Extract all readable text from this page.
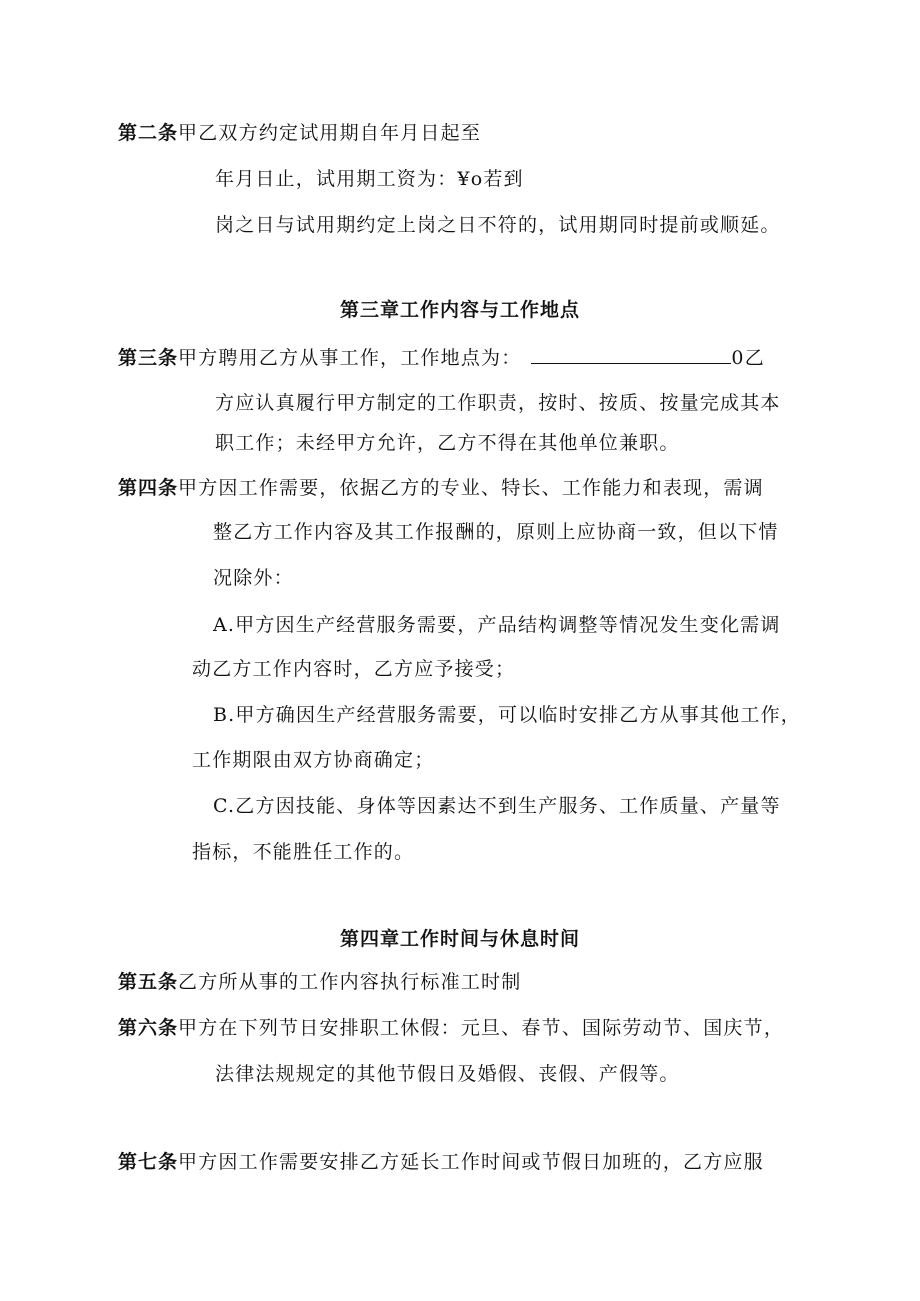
第二条甲乙双方约定试用期自年月日起至
年月日止，试用期工资为：¥o若到
岗之日与试用期约定上岗之日不符的，试用期同时提前或顺延。
第三章工作内容与工作地点
第三条甲方聘用乙方从事工作，工作地点为：	0乙
方应认真履行甲方制定的工作职责，按时、按质、按量完成其本
职工作；未经甲方允许，乙方不得在其他单位兼职。
第四条甲方因工作需要，依据乙方的专业、特长、工作能力和表现，需调
整乙方工作内容及其工作报酬的，原则上应协商一致，但以下情
况除外：
A.甲方因生产经营服务需要，产品结构调整等情况发生变化需调
动乙方工作内容时，乙方应予接受；
B.甲方确因生产经营服务需要，可以临时安排乙方从事其他工作，
工作期限由双方协商确定；
C.乙方因技能、身体等因素达不到生产服务、工作质量、产量等
指标，不能胜任工作的。
第四章工作时间与休息时间
第五条乙方所从事的工作内容执行标准工时制
第六条甲方在下列节日安排职工休假：元旦、春节、国际劳动节、国庆节，
法律法规规定的其他节假日及婚假、丧假、产假等。
第七条甲方因工作需要安排乙方延长工作时间或节假日加班的，乙方应服
